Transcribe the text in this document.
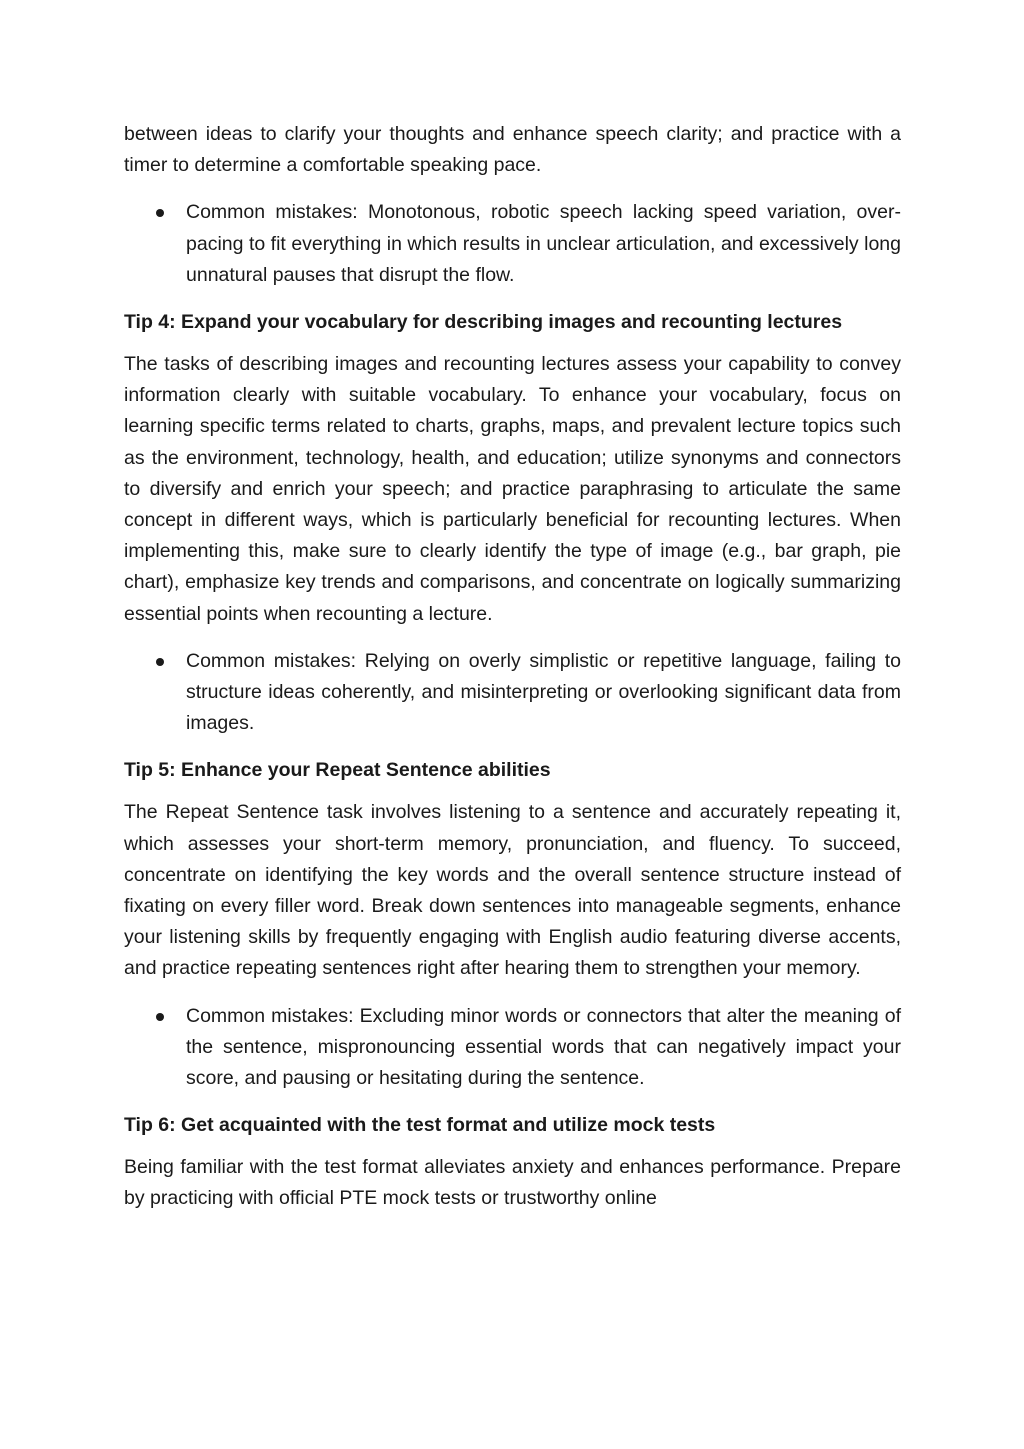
between ideas to clarify your thoughts and enhance speech clarity; and practice with a timer to determine a comfortable speaking pace.

Common mistakes: Monotonous, robotic speech lacking speed variation, over-pacing to fit everything in which results in unclear articulation, and excessively long unnatural pauses that disrupt the flow.
Tip 4: Expand your vocabulary for describing images and recounting lectures

The tasks of describing images and recounting lectures assess your capability to convey information clearly with suitable vocabulary. To enhance your vocabulary, focus on learning specific terms related to charts, graphs, maps, and prevalent lecture topics such as the environment, technology, health, and education; utilize synonyms and connectors to diversify and enrich your speech; and practice paraphrasing to articulate the same concept in different ways, which is particularly beneficial for recounting lectures. When implementing this, make sure to clearly identify the type of image (e.g., bar graph, pie chart), emphasize key trends and comparisons, and concentrate on logically summarizing essential points when recounting a lecture.

Common mistakes: Relying on overly simplistic or repetitive language, failing to structure ideas coherently, and misinterpreting or overlooking significant data from images.
Tip 5: Enhance your Repeat Sentence abilities

The Repeat Sentence task involves listening to a sentence and accurately repeating it, which assesses your short-term memory, pronunciation, and fluency. To succeed, concentrate on identifying the key words and the overall sentence structure instead of fixating on every filler word. Break down sentences into manageable segments, enhance your listening skills by frequently engaging with English audio featuring diverse accents, and practice repeating sentences right after hearing them to strengthen your memory.

Common mistakes: Excluding minor words or connectors that alter the meaning of the sentence, mispronouncing essential words that can negatively impact your score, and pausing or hesitating during the sentence.
Tip 6: Get acquainted with the test format and utilize mock tests

Being familiar with the test format alleviates anxiety and enhances performance. Prepare by practicing with official PTE mock tests or trustworthy online
